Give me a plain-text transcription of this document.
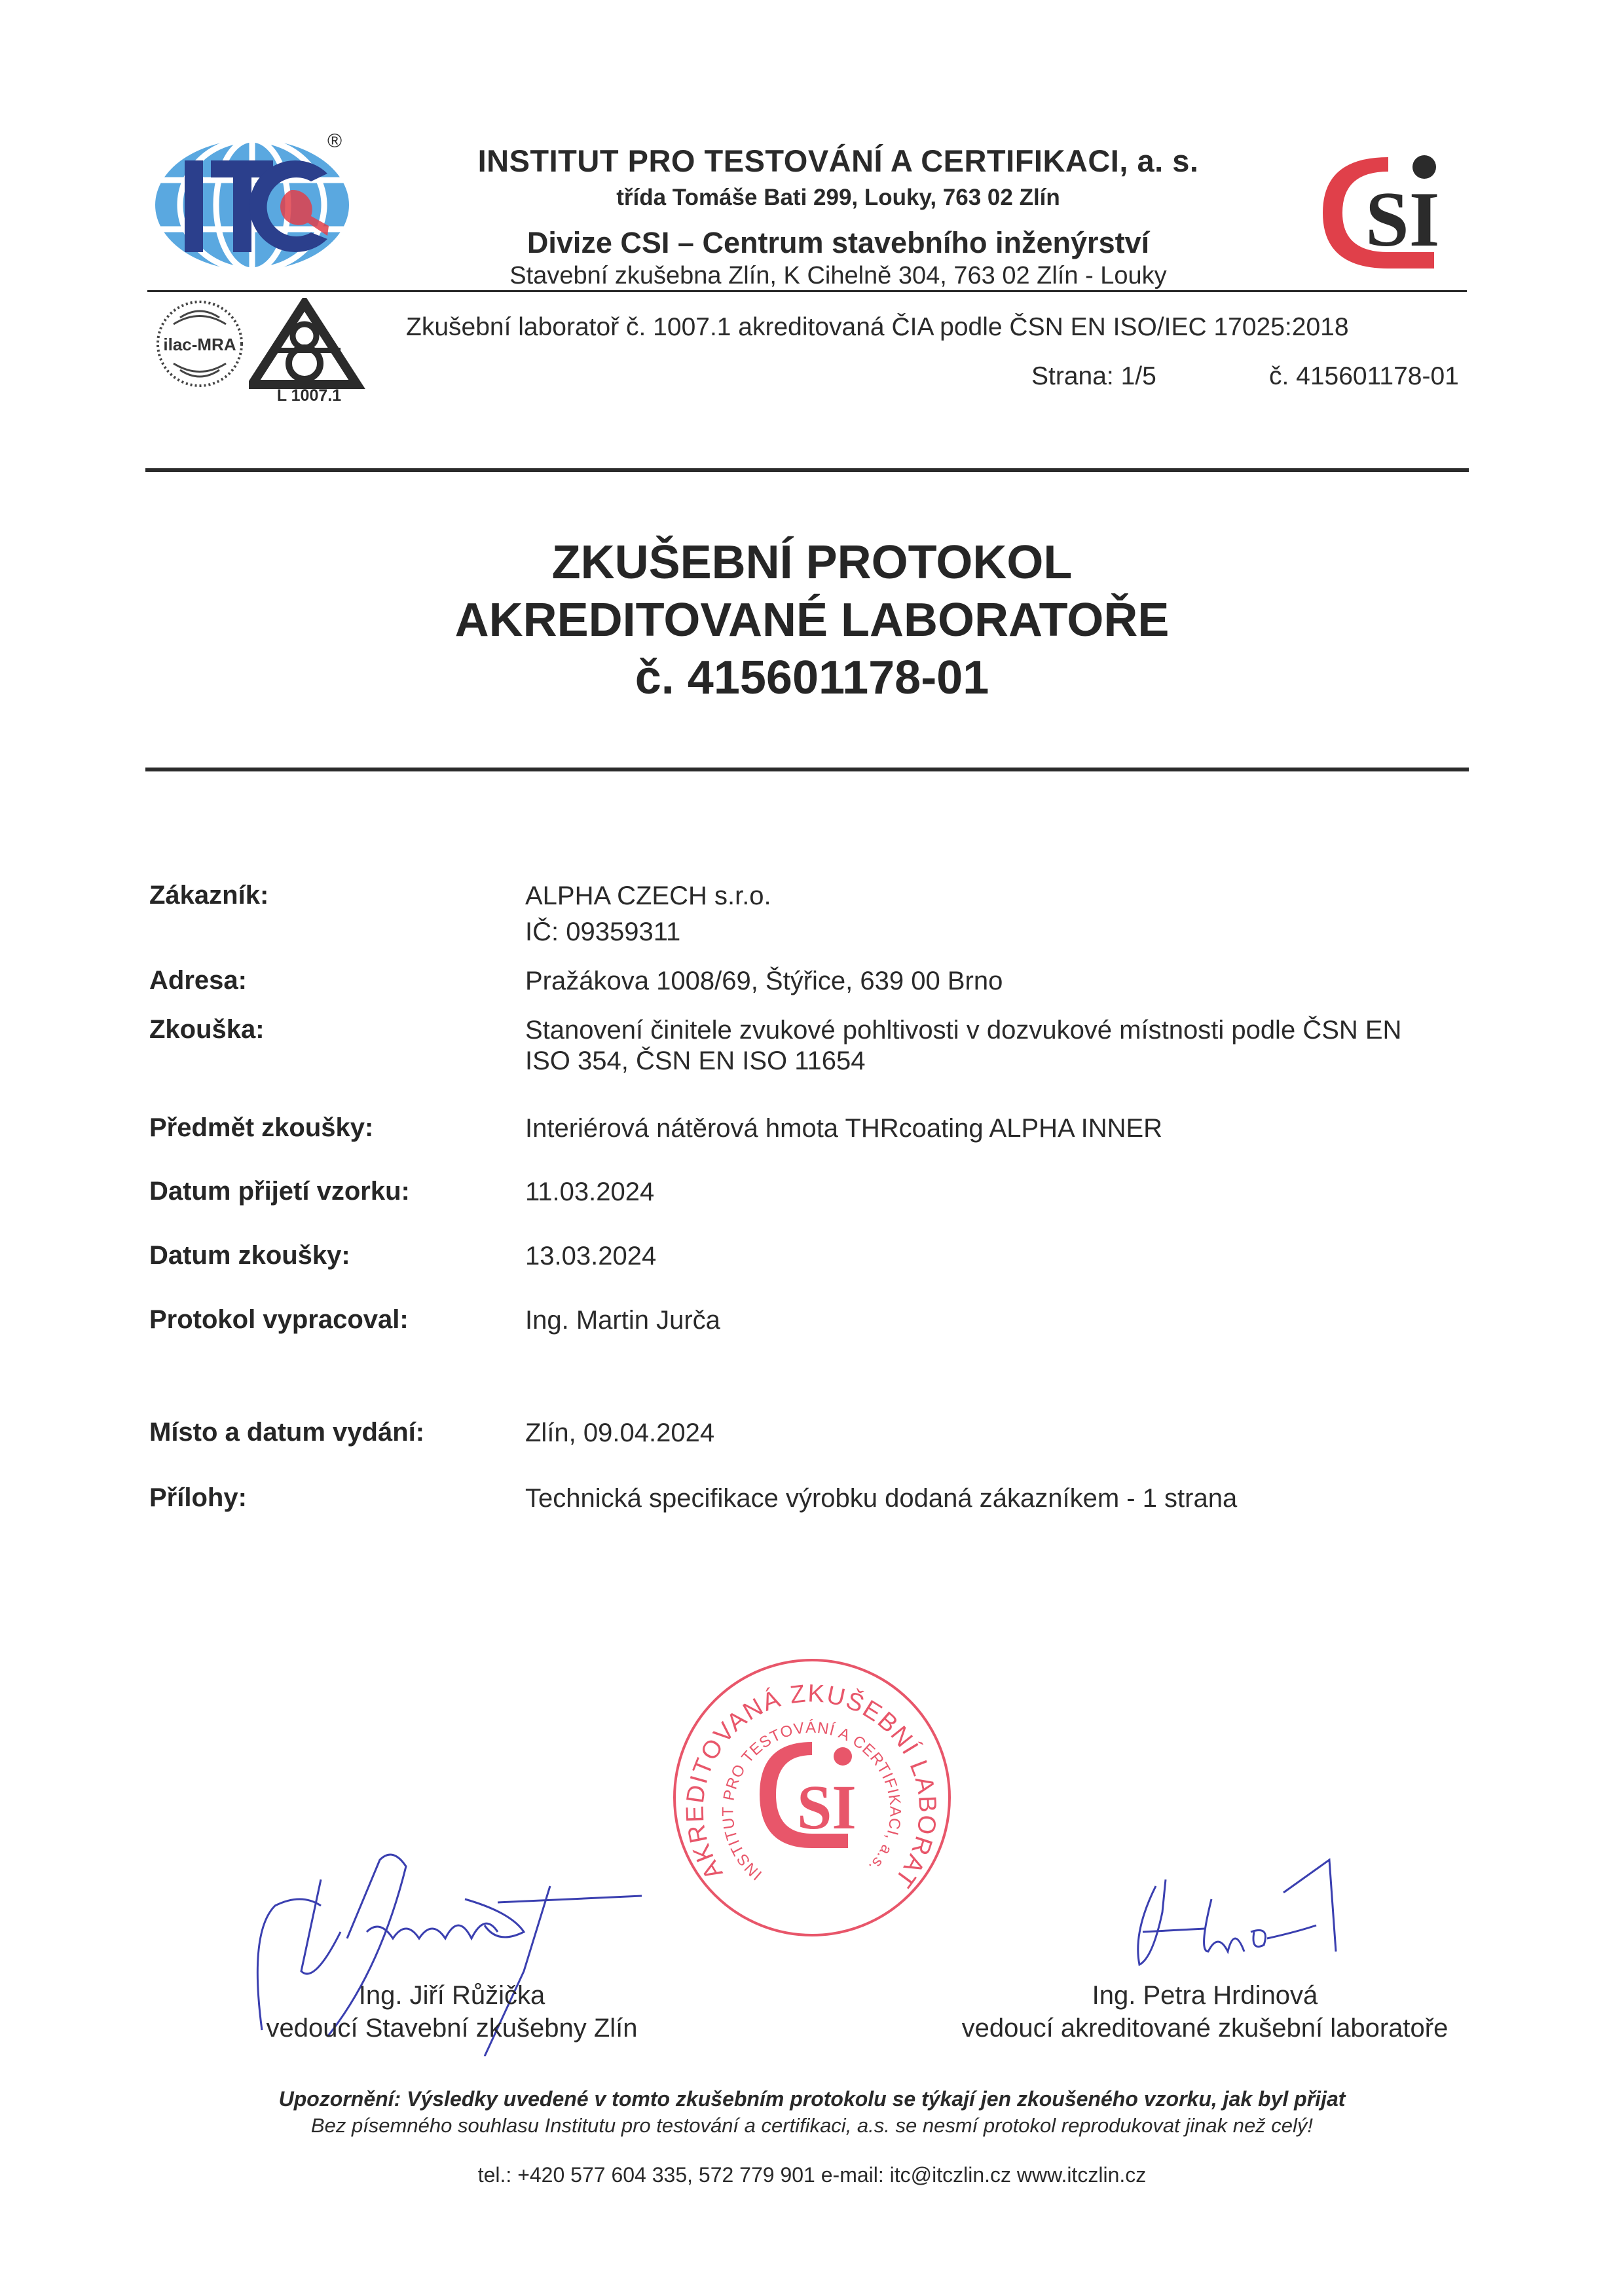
®
INSTITUT PRO TESTOVÁNÍ A CERTIFIKACI, a. s.
třída Tomáše Bati 299, Louky, 763 02 Zlín
Divize CSI – Centrum stavebního inženýrství
Stavební zkušebna Zlín, K Cihelně 304, 763 02 Zlín - Louky
SI
ilac-MRA
L 1007.1
Zkušební laboratoř č. 1007.1 akreditovaná ČIA podle ČSN EN ISO/IEC 17025:2018
Strana: 1/5	č. 415601178-01
ZKUŠEBNÍ PROTOKOL
AKREDITOVANÉ LABORATOŘE
č. 415601178-01
Zákazník:	ALPHA CZECH s.r.o.
IČ: 09359311
Adresa:	Pražákova 1008/69, Štýřice, 639 00 Brno
Zkouška:	Stanovení činitele zvukové pohltivosti v dozvukové místnosti podle ČSN EN
ISO 354, ČSN EN ISO 11654
Předmět zkoušky:	Interiérová nátěrová hmota THRcoating ALPHA INNER
Datum přijetí vzorku:	11.03.2024
Datum zkoušky:	13.03.2024
Protokol vypracoval:	Ing. Martin Jurča
Místo a datum vydání:	Zlín, 09.04.2024
Přílohy:	Technická specifikace výrobku dodaná zákazníkem - 1 strana
AKREDITOVANÁ ZKUŠEBNÍ LABORAT
INSTITUT PRO TESTOVÁNÍ A CERTIFIKACI, a.s.
SI
Ing. Jiří Růžička
vedoucí Stavební zkušebny Zlín
Ing. Petra Hrdinová
vedoucí akreditované zkušební laboratoře
Upozornění: Výsledky uvedené v tomto zkušebním protokolu se týkají jen zkoušeného vzorku, jak byl přijat
Bez písemného souhlasu Institutu pro testování a certifikaci, a.s. se nesmí protokol reprodukovat jinak než celý!
tel.: +420 577 604 335, 572 779 901 e-mail: itc@itczlin.cz www.itczlin.cz
